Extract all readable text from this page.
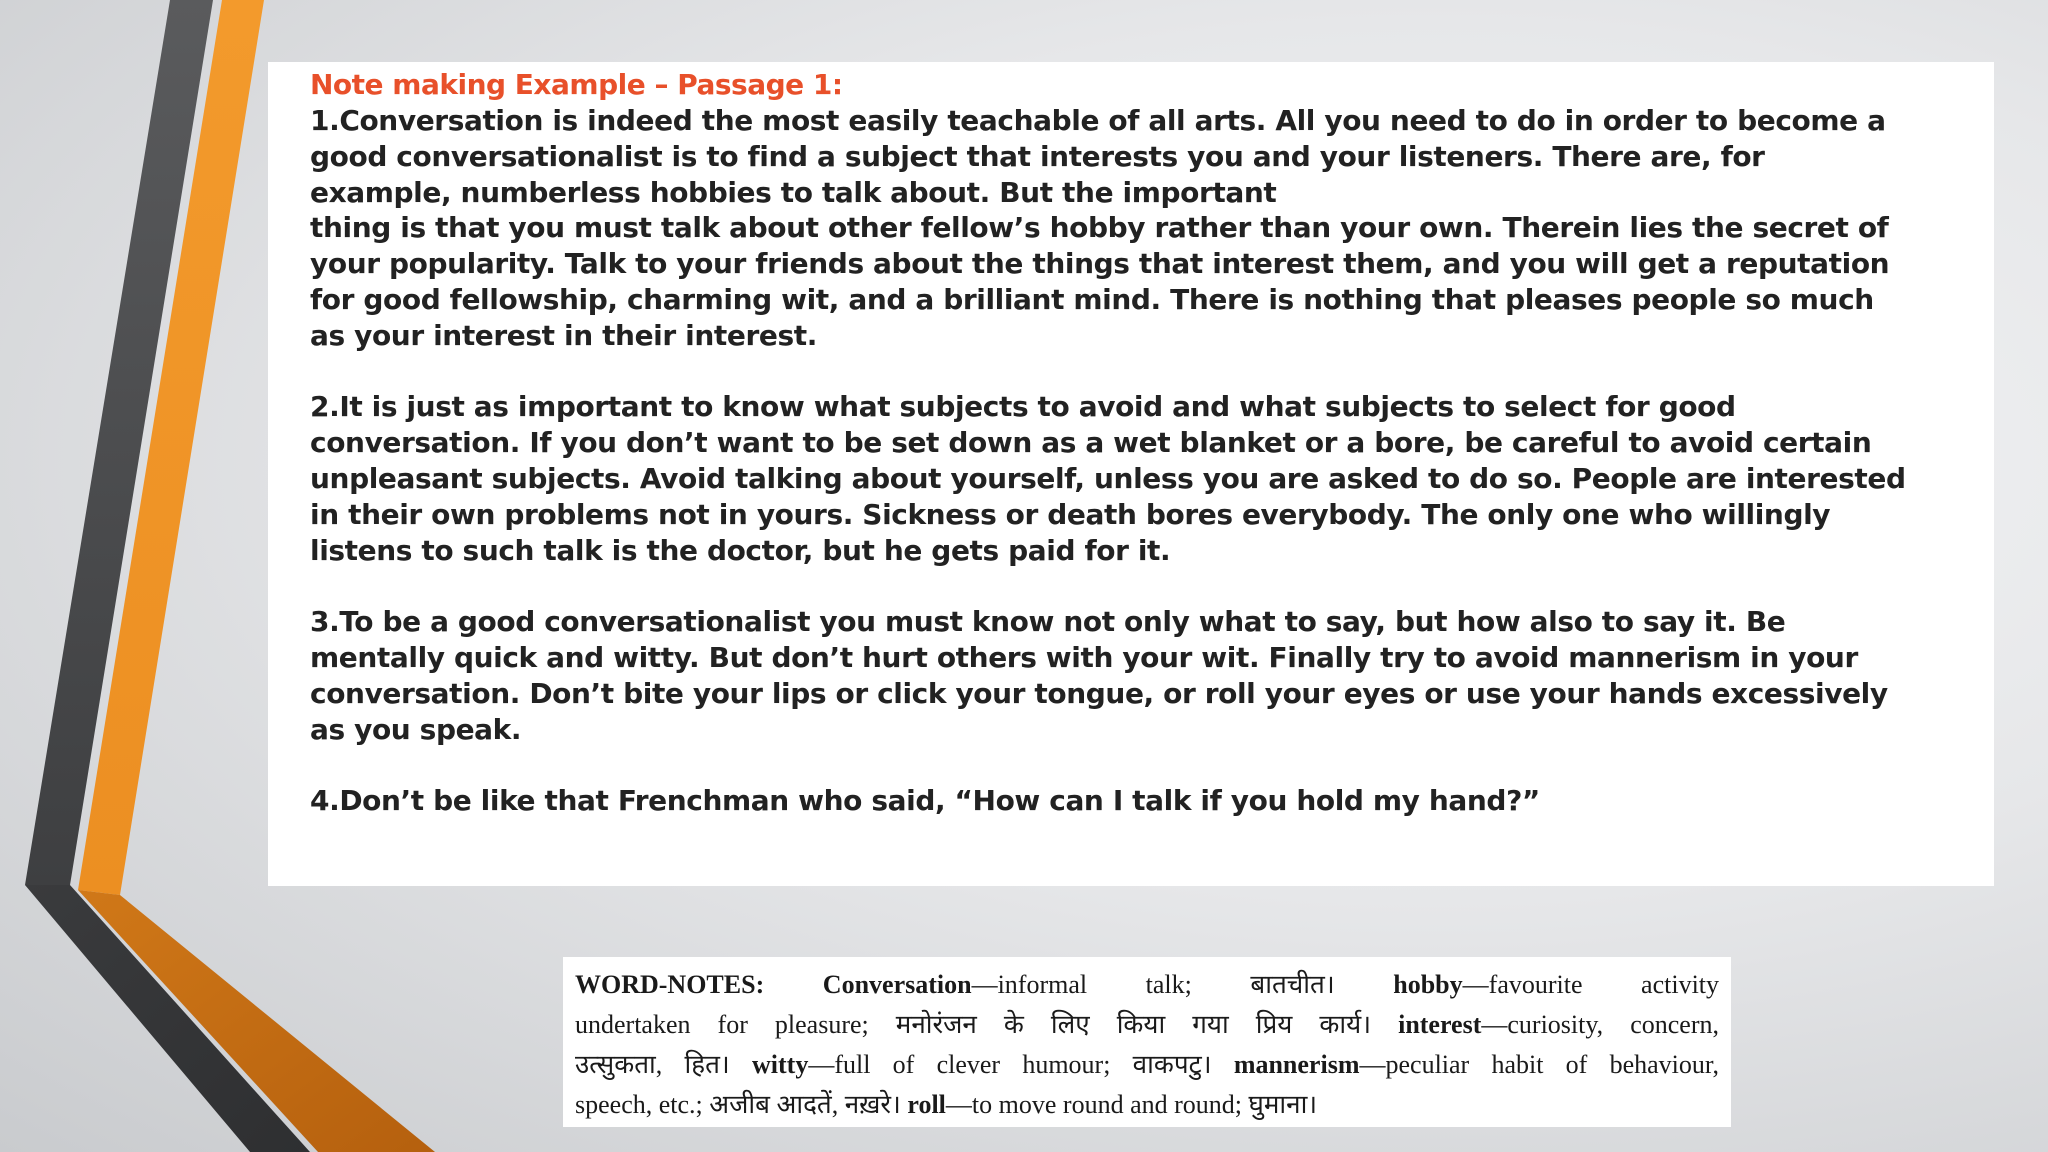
Note making Example – Passage 1:

1.Conversation is indeed the most easily teachable of all arts. All you need to do in order to become a
good conversationalist is to find a subject that interests you and your listeners. There are, for
example, numberless hobbies to talk about. But the important
thing is that you must talk about other fellow’s hobby rather than your own. Therein lies the secret of
your popularity. Talk to your friends about the things that interest them, and you will get a reputation
for good fellowship, charming wit, and a brilliant mind. There is nothing that pleases people so much
as your interest in their interest.

2.It is just as important to know what subjects to avoid and what subjects to select for good
conversation. If you don’t want to be set down as a wet blanket or a bore, be careful to avoid certain
unpleasant subjects. Avoid talking about yourself, unless you are asked to do so. People are interested
in their own problems not in yours. Sickness or death bores everybody. The only one who willingly
listens to such talk is the doctor, but he gets paid for it.

3.To be a good conversationalist you must know not only what to say, but how also to say it. Be
mentally quick and witty. But don’t hurt others with your wit. Finally try to avoid mannerism in your
conversation. Don’t bite your lips or click your tongue, or roll your eyes or use your hands excessively
as you speak.

4.Don’t be like that Frenchman who said, “How can I talk if you hold my hand?”

WORD-NOTES: Conversation—informal talk; बातचीत। hobby—favourite activity
undertaken for pleasure; मनोरंजन के लिए किया गया प्रिय कार्य। interest—curiosity, concern,
उत्सुकता, हित। witty—full of clever humour; वाकपटु। mannerism—peculiar habit of behaviour,
speech, etc.; अजीब आदतें, नख़रे। roll—to move round and round; घुमाना।
